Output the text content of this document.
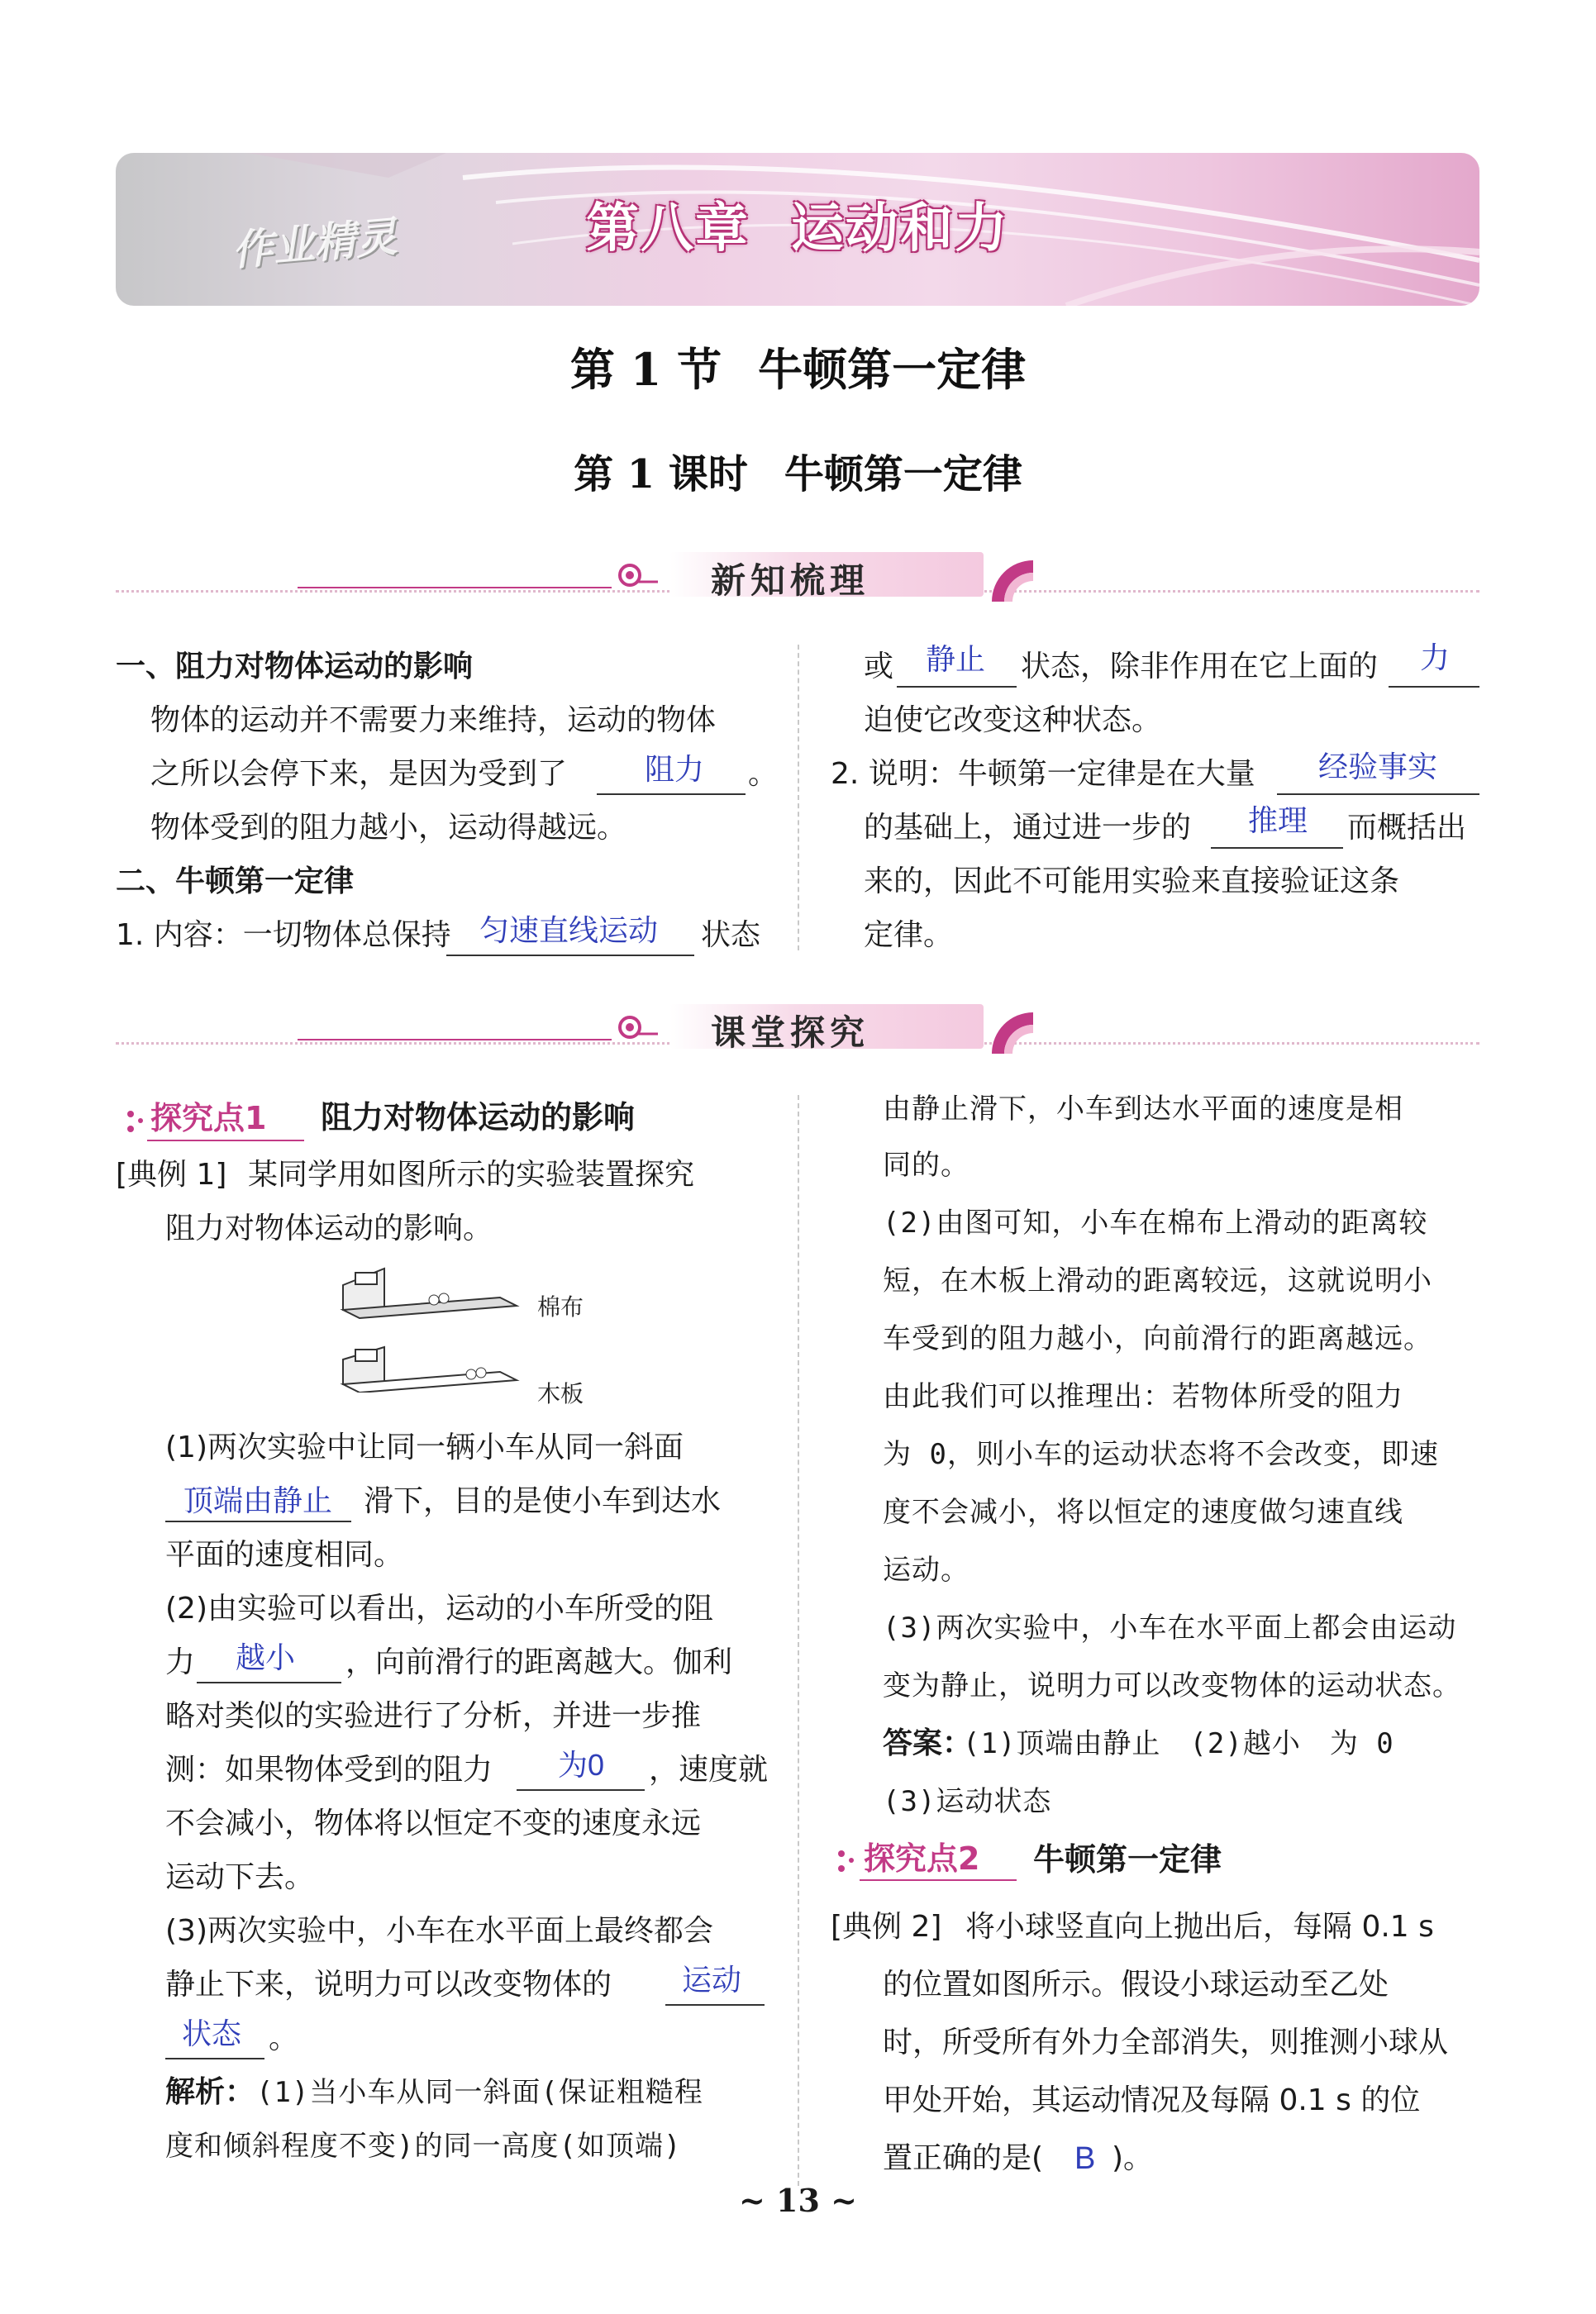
作业精灵	第八章 运动和力
第 1 节 牛顿第一定律
第 1 课时 牛顿第一定律
新知梳理
一、阻力对物体运动的影响
物体的运动并不需要力来维持，运动的物体
之所以会停下来，是因为受到了	阻力 。
物体受到的阻力越小，运动得越远。
二、牛顿第一定律
1. 内容：一切物体总保持 匀速直线运动 状态
或 静止 状态，除非作用在它上面的 力
迫使它改变这种状态。
2. 说明：牛顿第一定律是在大量 经验事实
的基础上，通过进一步的 推理 而概括出
来的，因此不可能用实验来直接验证这条
定律。
课堂探究
探究点1 阻力对物体运动的影响
[典例 1] 某同学用如图所示的实验装置探究
阻力对物体运动的影响。
棉布
木板
(1)两次实验中让同一辆小车从同一斜面
顶端由静止 滑下，目的是使小车到达水
平面的速度相同。
(2)由实验可以看出，运动的小车所受的阻
力 越小 ，向前滑行的距离越大。伽利
略对类似的实验进行了分析，并进一步推
测：如果物体受到的阻力 为0 ，速度就
不会减小，物体将以恒定不变的速度永远
运动下去。
(3)两次实验中，小车在水平面上最终都会
静止下来，说明力可以改变物体的 运动
状态 。
解析： (1)当小车从同一斜面(保证粗糙程
度和倾斜程度不变)的同一高度(如顶端)
由静止滑下，小车到达水平面的速度是相
同的。
(2)由图可知，小车在棉布上滑动的距离较
短，在木板上滑动的距离较远，这就说明小
车受到的阻力越小，向前滑行的距离越远。
由此我们可以推理出：若物体所受的阻力
为 0，则小车的运动状态将不会改变，即速
度不会减小，将以恒定的速度做匀速直线
运动。
(3)两次实验中，小车在水平面上都会由运动
变为静止，说明力可以改变物体的运动状态。
答案：
(1)顶端由静止　(2)越小　为 0
(3)运动状态
探究点2 牛顿第一定律
[典例 2] 将小球竖直向上抛出后，每隔 0.1 s
的位置如图所示。假设小球运动至乙处
时，所受所有外力全部消失，则推测小球从
甲处开始，其运动情况及每隔 0.1 s 的位
置正确的是( B )。
~ 13 ~
